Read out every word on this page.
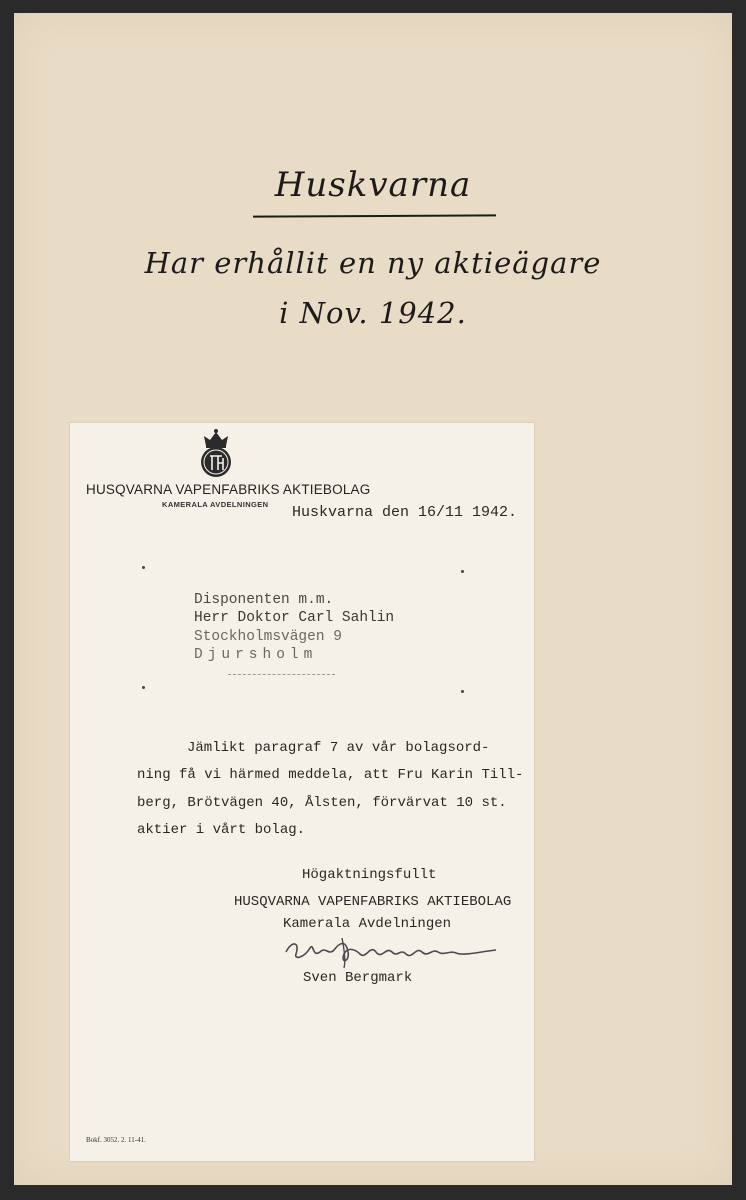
Huskvarna
Har erhållit en ny aktieägare
i Nov. 1942.
HUSQVARNA VAPENFABRIKS AKTIEBOLAG
KAMERALA AVDELNINGEN Huskvarna den 16/11 1942.
Disponenten m.m.
Herr Doktor Carl Sahlin
Stockholmsvägen 9
Djursholm
Jämlikt paragraf 7 av vår bolagsord-
ning få vi härmed meddela, att Fru Karin Till-
berg, Brötvägen 40, Ålsten, förvärvat 10 st.
aktier i vårt bolag.
Högaktningsfullt
HUSQVARNA VAPENFABRIKS AKTIEBOLAG
Kamerala Avdelningen
Sven Bergmark
Bokf. 3052. 2. 11-41.
